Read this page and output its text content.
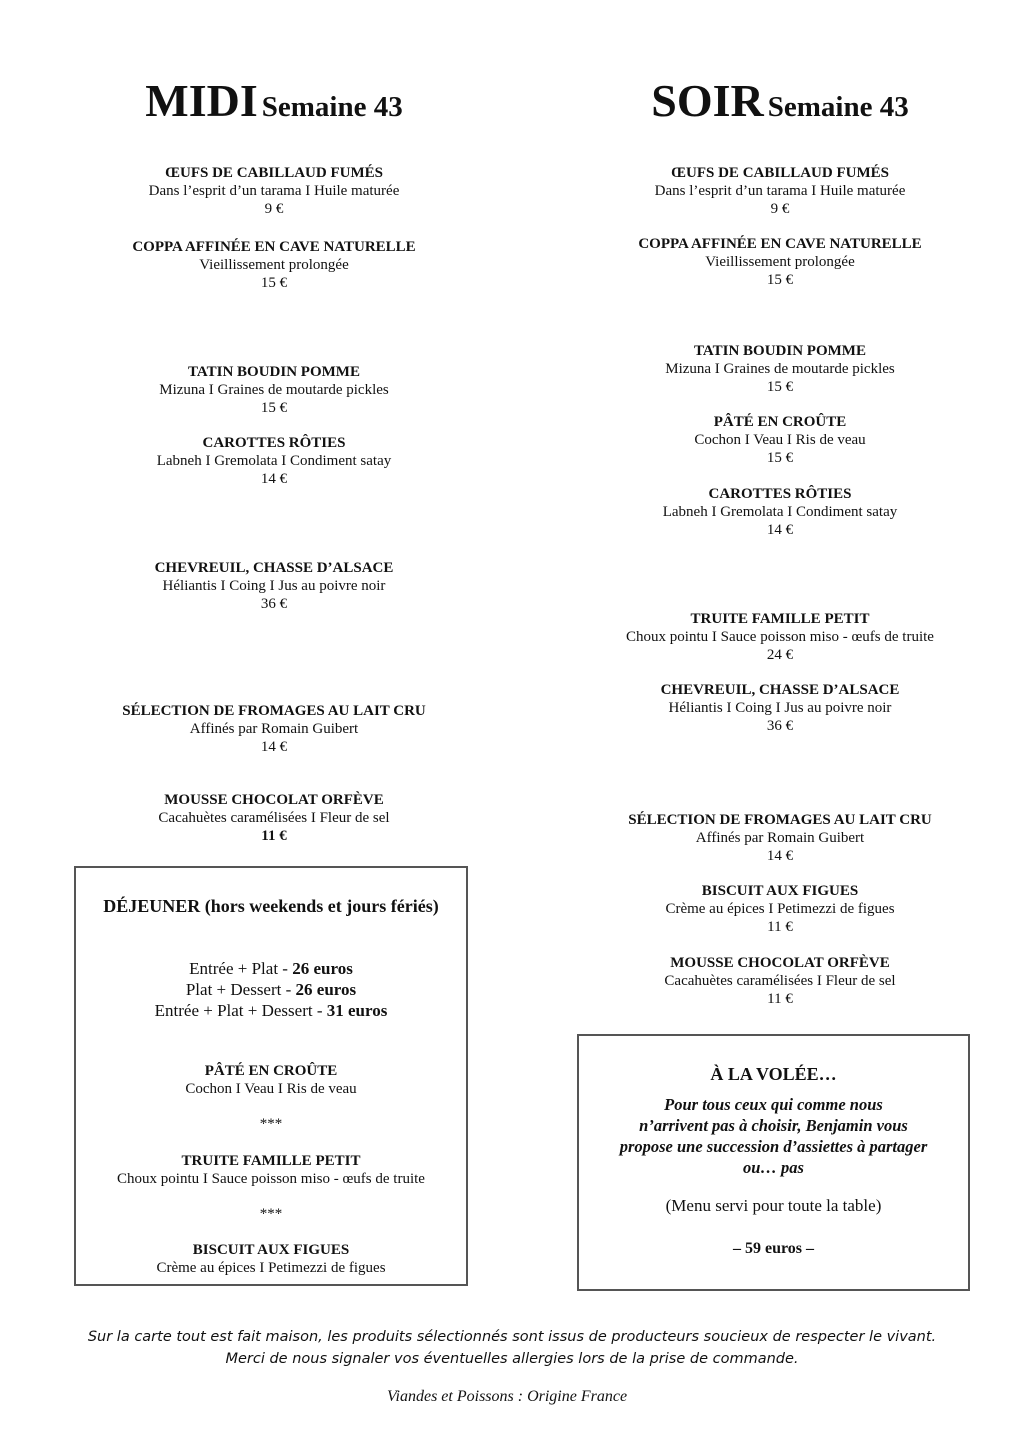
MIDI Semaine 43	SOIR Semaine 43
ŒUFS DE CABILLAUD FUMÉS
Dans l’esprit d’un tarama I Huile maturée
9 €
COPPA AFFINÉE EN CAVE NATURELLE
Vieillissement prolongée
15 €
TATIN BOUDIN POMME
Mizuna I Graines de moutarde pickles
15 €
CAROTTES RÔTIES
Labneh I Gremolata I Condiment satay
14 €
CHEVREUIL, CHASSE D’ALSACE
Héliantis I Coing I Jus au poivre noir
36 €
SÉLECTION DE FROMAGES AU LAIT CRU
Affinés par Romain Guibert
14 €
MOUSSE CHOCOLAT ORFÈVE
Cacahuètes caramélisées I Fleur de sel
11 €
ŒUFS DE CABILLAUD FUMÉS
Dans l’esprit d’un tarama I Huile maturée
9 €
COPPA AFFINÉE EN CAVE NATURELLE
Vieillissement prolongée
15 €
TATIN BOUDIN POMME
Mizuna I Graines de moutarde pickles
15 €
PÂTÉ EN CROÛTE
Cochon I Veau I Ris de veau
15 €
CAROTTES RÔTIES
Labneh I Gremolata I Condiment satay
14 €
TRUITE FAMILLE PETIT
Choux pointu I Sauce poisson miso - œufs de truite
24 €
CHEVREUIL, CHASSE D’ALSACE
Héliantis I Coing I Jus au poivre noir
36 €
SÉLECTION DE FROMAGES AU LAIT CRU
Affinés par Romain Guibert
14 €
BISCUIT AUX FIGUES
Crème au épices I Petimezzi de figues
11 €
MOUSSE CHOCOLAT ORFÈVE
Cacahuètes caramélisées I Fleur de sel
11 €
DÉJEUNER (hors weekends et jours fériés)
Entrée + Plat - 26 euros
Plat + Dessert - 26 euros
Entrée + Plat + Dessert - 31 euros
PÂTÉ EN CROÛTE
Cochon I Veau I Ris de veau
***
TRUITE FAMILLE PETIT
Choux pointu I Sauce poisson miso - œufs de truite
***
BISCUIT AUX FIGUES
Crème au épices I Petimezzi de figues
À LA VOLÉE…
Pour tous ceux qui comme nous
n’arrivent pas à choisir, Benjamin vous
propose une succession d’assiettes à partager
ou… pas
(Menu servi pour toute la table)
– 59 euros –
Sur la carte tout est fait maison, les produits sélectionnés sont issus de producteurs soucieux de respecter le vivant.
Merci de nous signaler vos éventuelles allergies lors de la prise de commande.
Viandes et Poissons : Origine France
